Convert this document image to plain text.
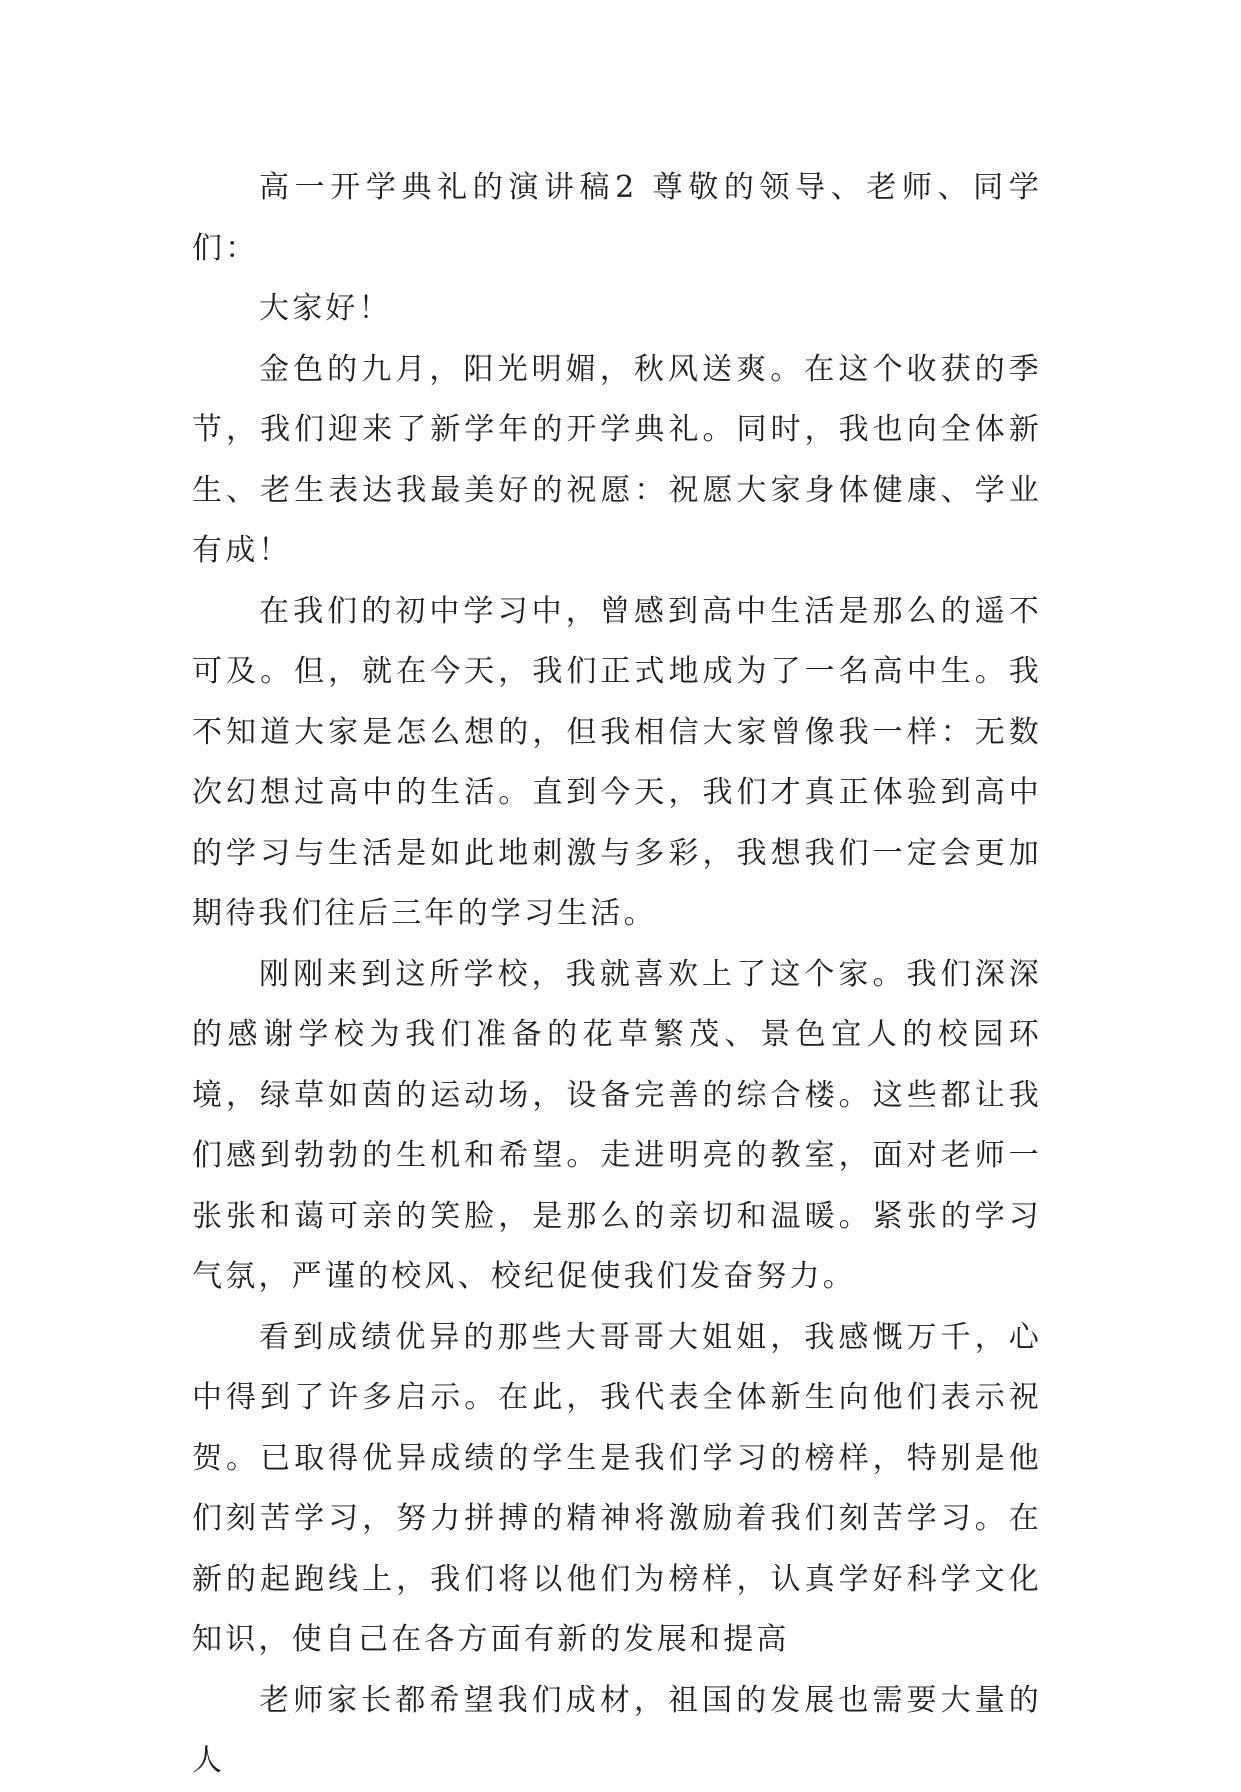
高一开学典礼的演讲稿2 尊敬的领导、老师、同学们：

大家好！

金色的九月，阳光明媚，秋风送爽。在这个收获的季节，我们迎来了新学年的开学典礼。同时，我也向全体新生、老生表达我最美好的祝愿：祝愿大家身体健康、学业有成！

在我们的初中学习中，曾感到高中生活是那么的遥不可及。但，就在今天，我们正式地成为了一名高中生。我不知道大家是怎么想的，但我相信大家曾像我一样：无数次幻想过高中的生活。直到今天，我们才真正体验到高中的学习与生活是如此地刺激与多彩，我想我们一定会更加期待我们往后三年的学习生活。

刚刚来到这所学校，我就喜欢上了这个家。我们深深的感谢学校为我们准备的花草繁茂、景色宜人的校园环境，绿草如茵的运动场，设备完善的综合楼。这些都让我们感到勃勃的生机和希望。走进明亮的教室，面对老师一张张和蔼可亲的笑脸，是那么的亲切和温暖。紧张的学习气氛，严谨的校风、校纪促使我们发奋努力。

看到成绩优异的那些大哥哥大姐姐，我感慨万千，心中得到了许多启示。在此，我代表全体新生向他们表示祝贺。已取得优异成绩的学生是我们学习的榜样，特别是他们刻苦学习，努力拼搏的精神将激励着我们刻苦学习。在新的起跑线上，我们将以他们为榜样，认真学好科学文化知识，使自己在各方面有新的发展和提高

老师家长都希望我们成材，祖国的发展也需要大量的人
